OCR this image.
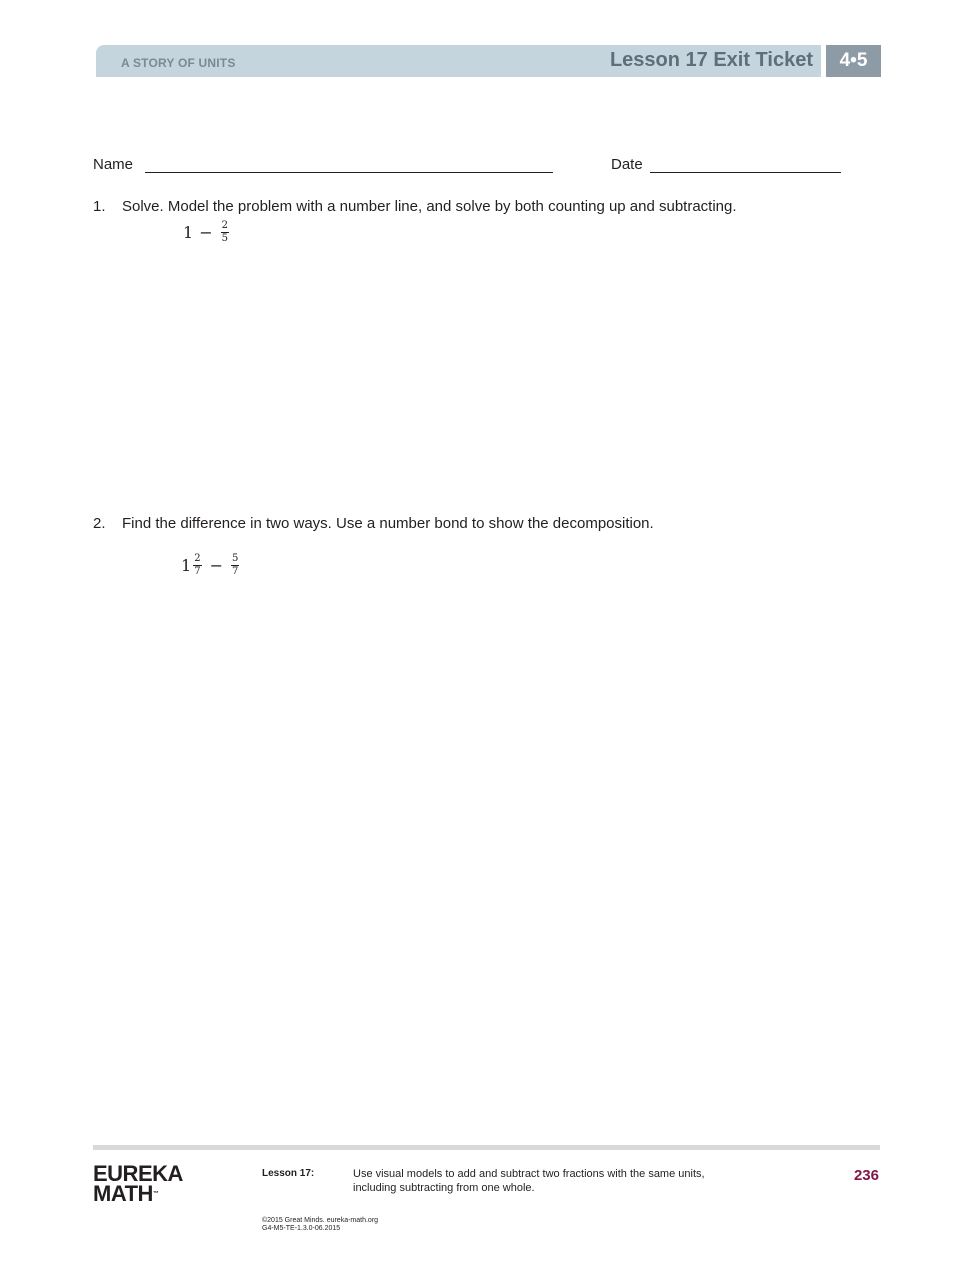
A STORY OF UNITS	Lesson 17 Exit Ticket	4•5
Name	Date
1. Solve. Model the problem with a number line, and solve by both counting up and subtracting.
$1 - \frac{2}{5}$
2. Find the difference in two ways. Use a number bond to show the decomposition.
$1 \frac{2}{7} - \frac{5}{7}$
EUREKA
MATH™
Lesson 17:	Use visual models to add and subtract two fractions with the same units, including subtracting from one whole.
236
©2015 Great Minds. eureka-math.org
G4-M5-TE-1.3.0-06.2015
